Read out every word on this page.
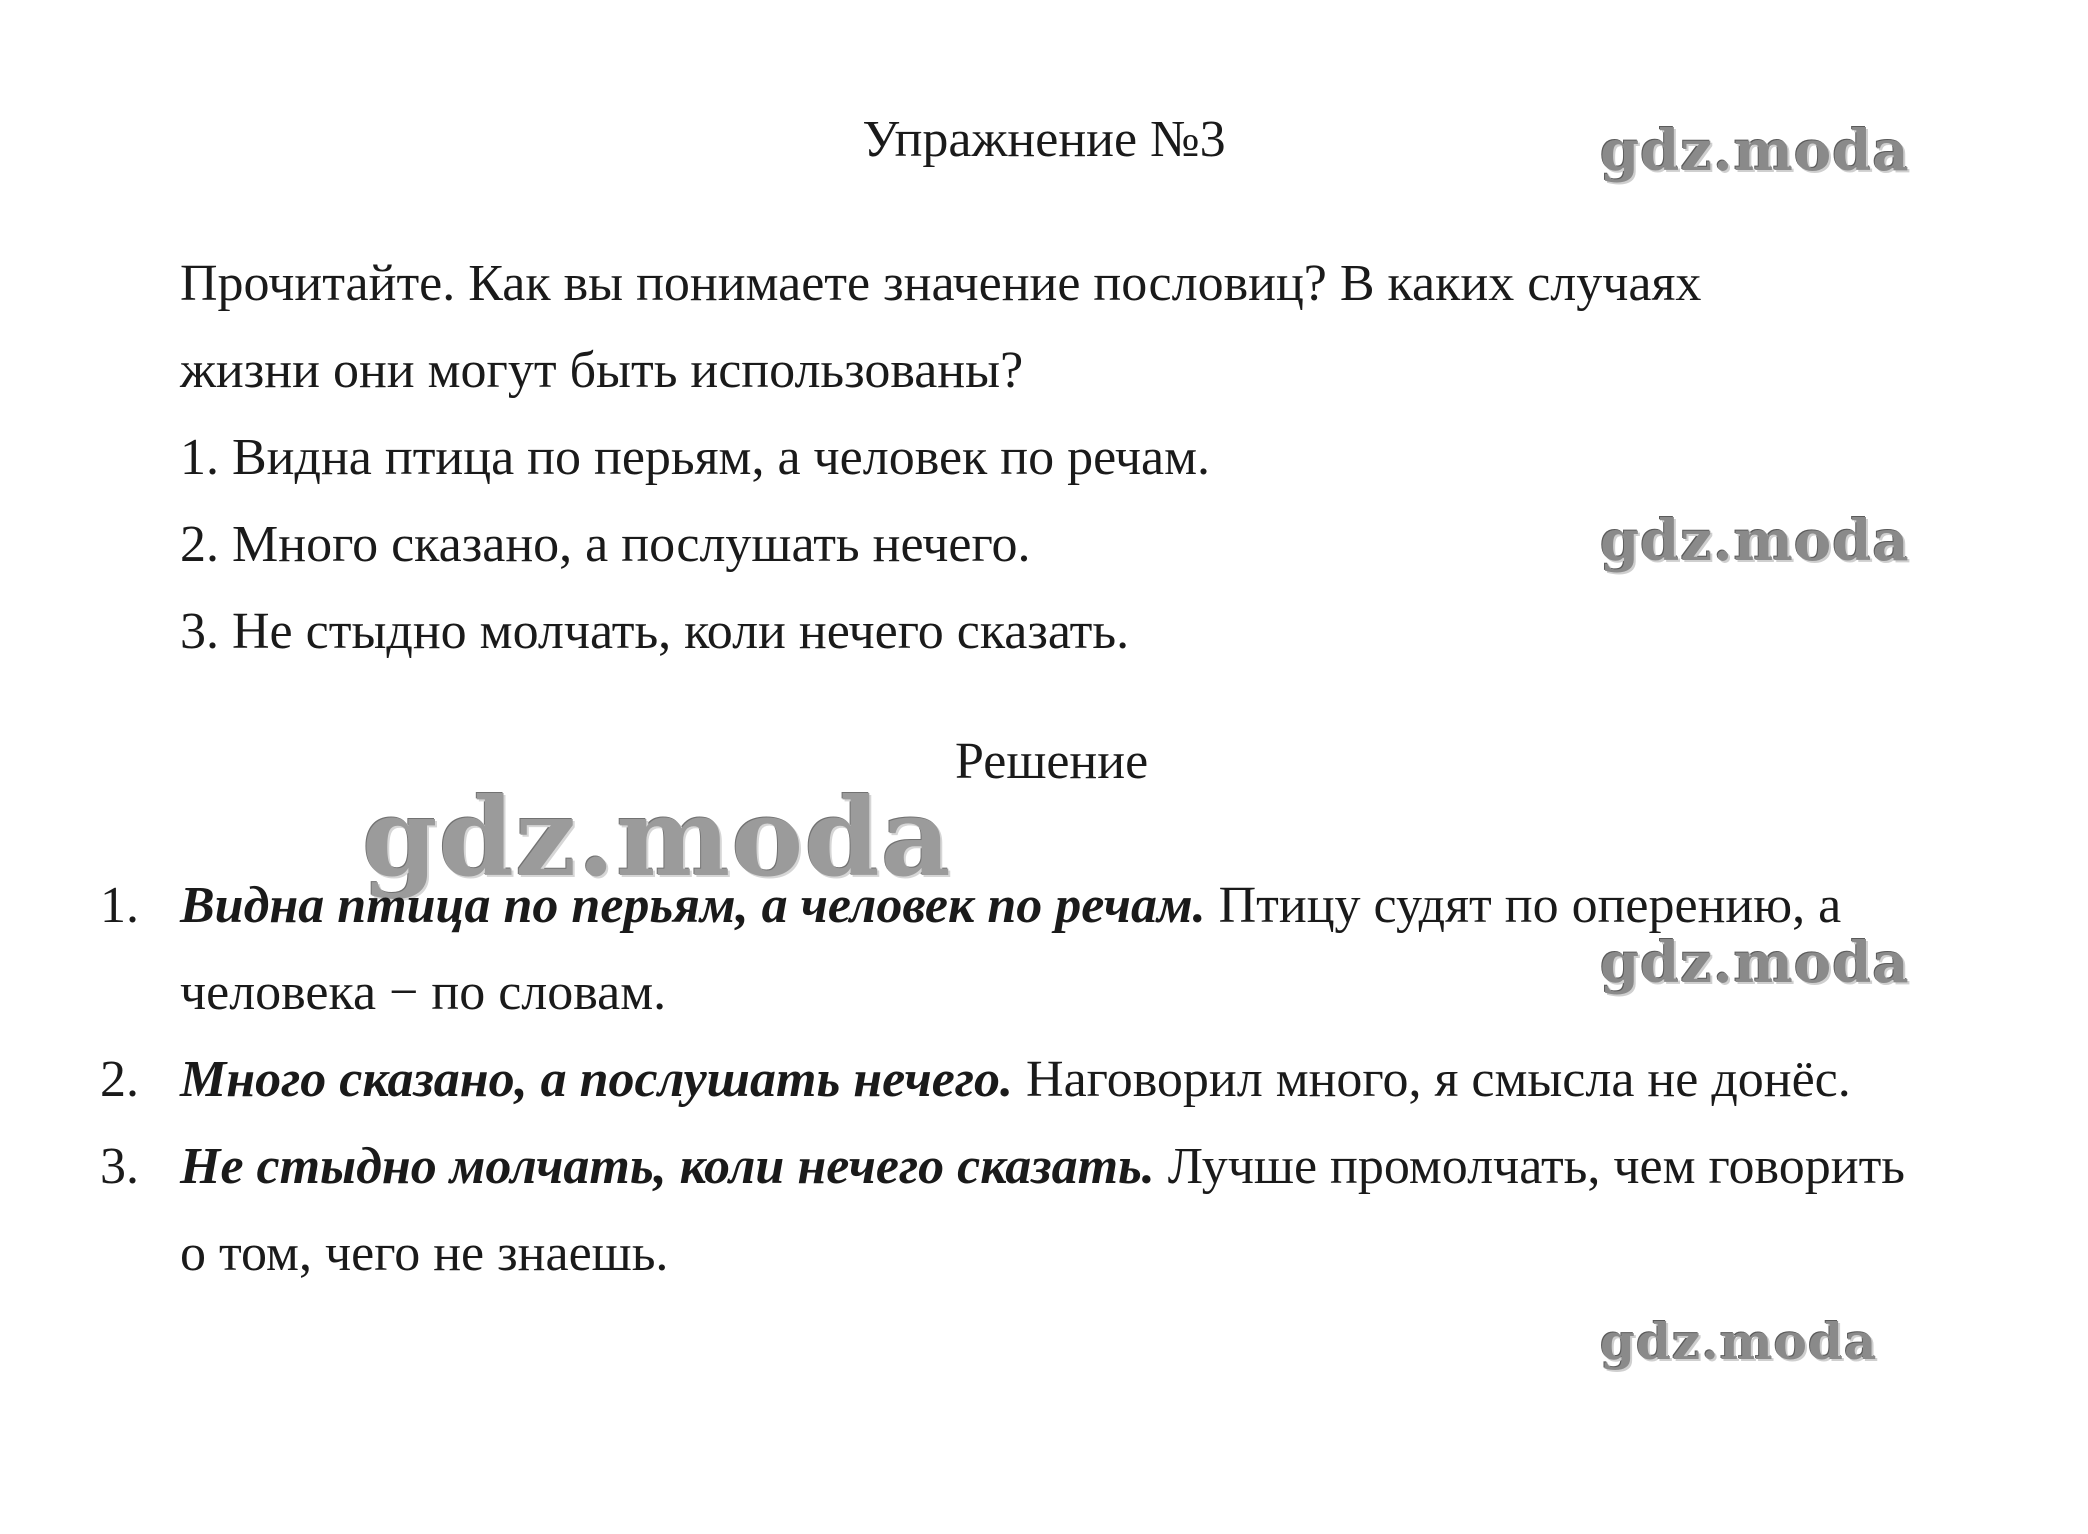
Упражнение №3	gdz.moda

Прочитайте. Как вы понимаете значение пословиц? В каких случаях

жизни они могут быть использованы?

1. Видна птица по перьям, а человек по речам.

2. Много сказано, а послушать нечего.

3. Не стыдно молчать, коли нечего сказать.

gdz.moda
Решение
gdz.moda
1. Видна птица по перьям, а человек по речам. Птицу судят по оперению, а человека − по словам.
2. Много сказано, а послушать нечего. Наговорил много, я смысла не донёс.
3. Не стыдно молчать, коли нечего сказать. Лучше промолчать, чем говорить о том, чего не знаешь.
gdz.moda
gdz.moda
